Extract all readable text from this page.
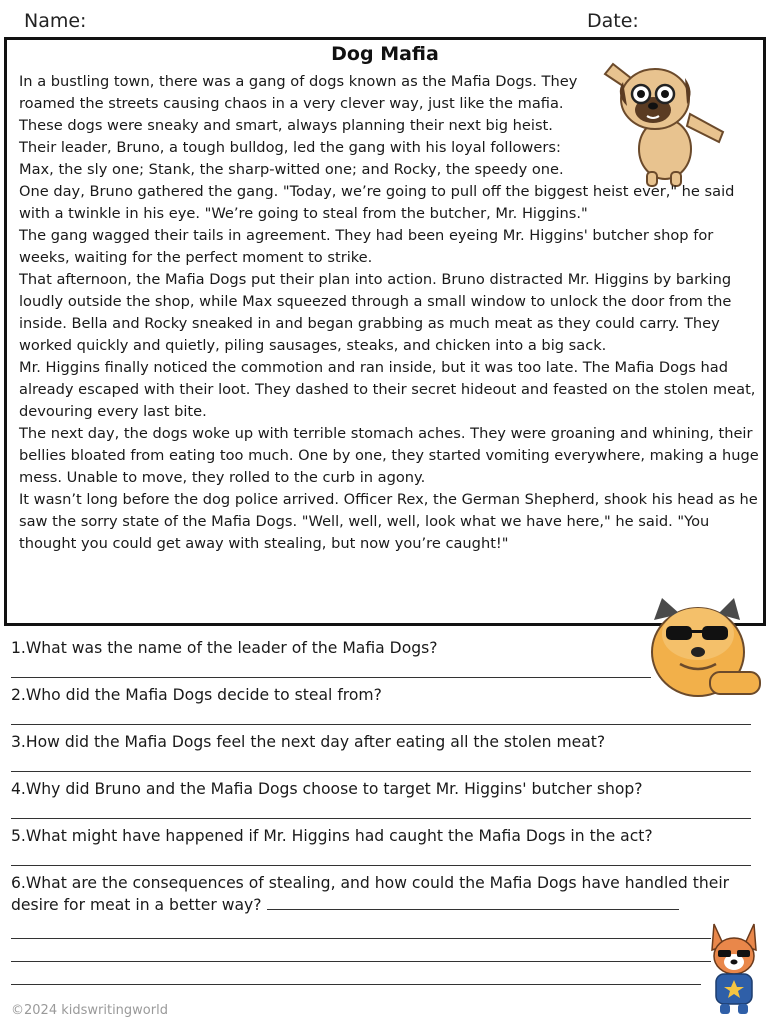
Name:	Date:
Dog Mafia

In a bustling town, there was a gang of dogs known as the Mafia Dogs. They roamed the streets causing chaos in a very clever way, just like the mafia. These dogs were sneaky and smart, always planning their next big heist. Their leader, Bruno, a tough bulldog, led the gang with his loyal followers: Max, the sly one; Stank, the sharp-witted one; and Rocky, the speedy one.

One day, Bruno gathered the gang. "Today, we’re going to pull off the biggest heist ever," he said with a twinkle in his eye. "We’re going to steal from the butcher, Mr. Higgins."

The gang wagged their tails in agreement. They had been eyeing Mr. Higgins' butcher shop for weeks, waiting for the perfect moment to strike.

That afternoon, the Mafia Dogs put their plan into action. Bruno distracted Mr. Higgins by barking loudly outside the shop, while Max squeezed through a small window to unlock the door from the inside. Bella and Rocky sneaked in and began grabbing as much meat as they could carry. They worked quickly and quietly, piling sausages, steaks, and chicken into a big sack.

Mr. Higgins finally noticed the commotion and ran inside, but it was too late. The Mafia Dogs had already escaped with their loot. They dashed to their secret hideout and feasted on the stolen meat, devouring every last bite.

The next day, the dogs woke up with terrible stomach aches. They were groaning and whining, their bellies bloated from eating too much. One by one, they started vomiting everywhere, making a huge mess. Unable to move, they rolled to the curb in agony.

It wasn’t long before the dog police arrived. Officer Rex, the German Shepherd, shook his head as he saw the sorry state of the Mafia Dogs. "Well, well, well, look what we have here," he said. "You thought you could get away with stealing, but now you’re caught!"

1.What was the name of the leader of the Mafia Dogs?
2.Who did the Mafia Dogs decide to steal from?
3.How did the Mafia Dogs feel the next day after eating all the stolen meat?
4.Why did Bruno and the Mafia Dogs choose to target Mr. Higgins' butcher shop?
5.What might have happened if Mr. Higgins had caught the Mafia Dogs in the act?
6.What are the consequences of stealing, and how could the Mafia Dogs have handled their desire for meat in a better way?
©2024 kidswritingworld
